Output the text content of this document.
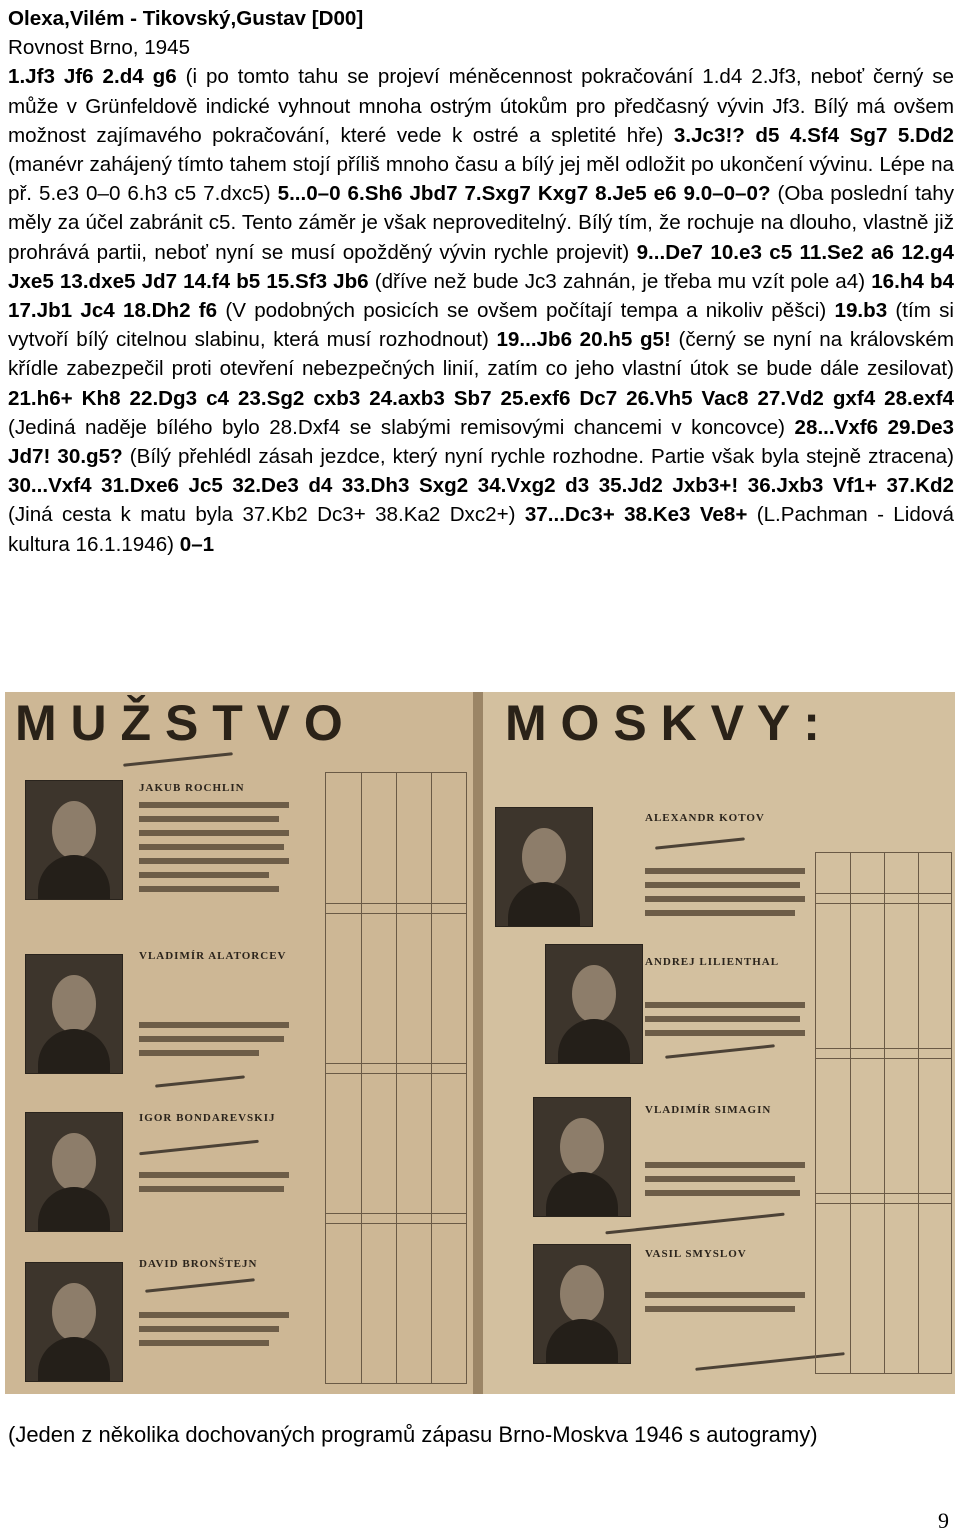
Olexa,Vilém - Tikovský,Gustav [D00]

Rovnost Brno, 1945

1.Jf3 Jf6 2.d4 g6 (i po tomto tahu se projeví méněcennost pokračování 1.d4 2.Jf3, neboť černý se může v Grünfeldově indické vyhnout mnoha ostrým útokům pro předčasný vývin Jf3. Bílý má ovšem možnost zajímavého pokračování, které vede k ostré a spletité hře) 3.Jc3!? d5 4.Sf4 Sg7 5.Dd2 (manévr zahájený tímto tahem stojí příliš mnoho času a bílý jej měl odložit po ukončení vývinu. Lépe na př. 5.e3 0–0 6.h3 c5 7.dxc5) 5...0–0 6.Sh6 Jbd7 7.Sxg7 Kxg7 8.Je5 e6 9.0–0–0? (Oba poslední tahy měly za účel zabránit c5. Tento záměr je však neproveditelný. Bílý tím, že rochuje na dlouho, vlastně již prohrává partii, neboť nyní se musí opožděný vývin rychle projevit) 9...De7 10.e3 c5 11.Se2 a6 12.g4 Jxe5 13.dxe5 Jd7 14.f4 b5 15.Sf3 Jb6 (dříve než bude Jc3 zahnán, je třeba mu vzít pole a4) 16.h4 b4 17.Jb1 Jc4 18.Dh2 f6 (V podobných posicích se ovšem počítají tempa a nikoliv pěšci) 19.b3 (tím si vytvoří bílý citelnou slabinu, která musí rozhodnout) 19...Jb6 20.h5 g5! (černý se nyní na královském křídle zabezpečil proti otevření nebezpečných linií, zatím co jeho vlastní útok se bude dále zesilovat) 21.h6+ Kh8 22.Dg3 c4 23.Sg2 cxb3 24.axb3 Sb7 25.exf6 Dc7 26.Vh5 Vac8 27.Vd2 gxf4 28.exf4 (Jediná naděje bílého bylo 28.Dxf4 se slabými remisovými chancemi v koncovce) 28...Vxf6 29.De3 Jd7! 30.g5? (Bílý přehlédl zásah jezdce, který nyní rychle rozhodne. Partie však byla stejně ztracena) 30...Vxf4 31.Dxe6 Jc5 32.De3 d4 33.Dh3 Sxg2 34.Vxg2 d3 35.Jd2 Jxb3+! 36.Jxb3 Vf1+ 37.Kd2 (Jiná cesta k matu byla 37.Kb2 Dc3+ 38.Ka2 Dxc2+) 37...Dc3+ 38.Ke3 Ve8+ (L.Pachman - Lidová kultura 16.1.1946) 0–1

M U Ž S T V O	M O S K V Y :
JAKUB ROCHLIN
VLADIMÍR ALATORCEV
IGOR BONDAREVSKIJ
DAVID BRONŠTEJN
ALEXANDR KOTOV
ANDREJ LILIENTHAL
VLADIMÍR SIMAGIN
VASIL SMYSLOV
(Jeden z několika dochovaných programů zápasu Brno-Moskva 1946 s autogramy)
9
